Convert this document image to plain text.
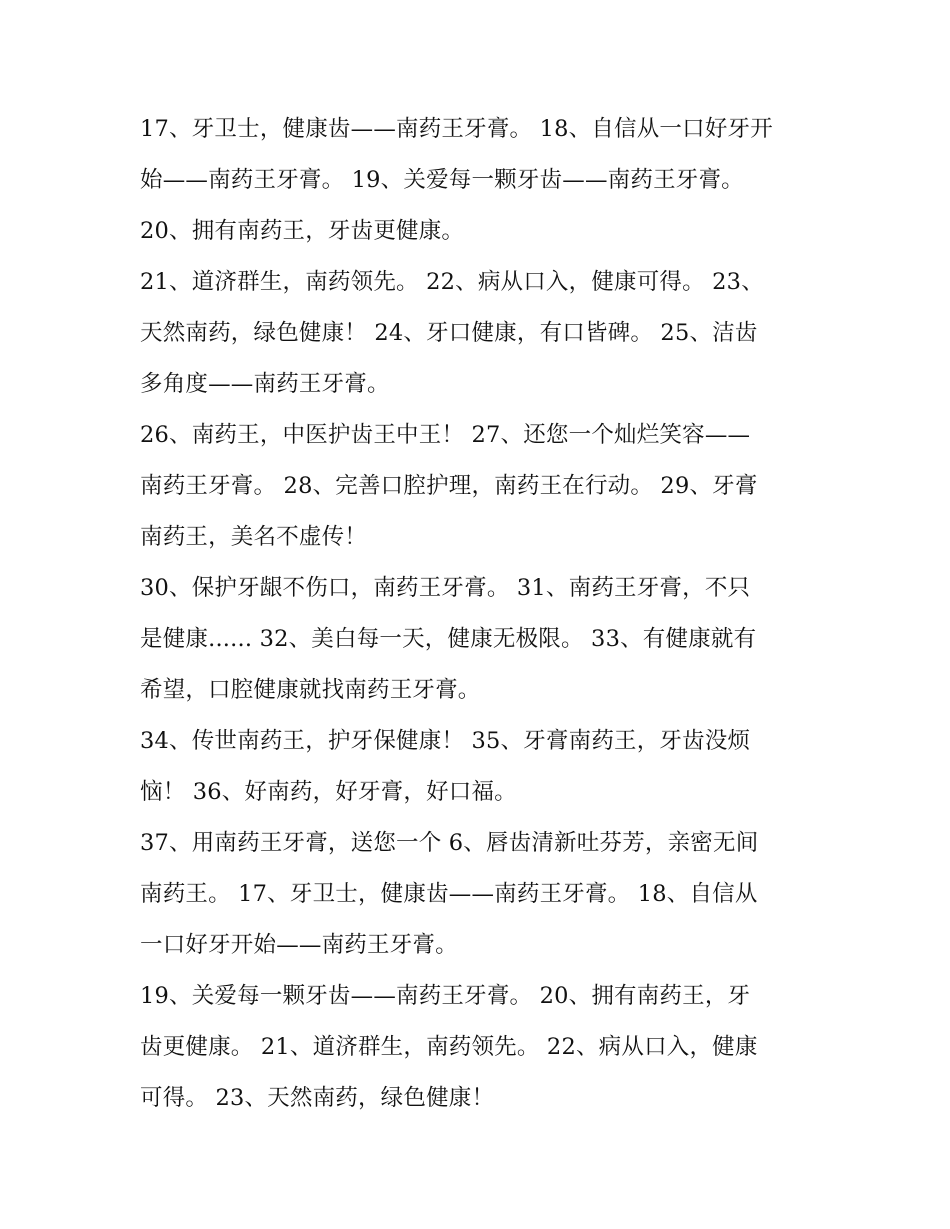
17、牙卫士，健康齿——南药王牙膏。 18、自信从一口好牙开
始——南药王牙膏。 19、关爱每一颗牙齿——南药王牙膏。
20、拥有南药王，牙齿更健康。
21、道济群生，南药领先。 22、病从口入，健康可得。 23、
天然南药，绿色健康！ 24、牙口健康，有口皆碑。 25、洁齿
多角度——南药王牙膏。
26、南药王，中医护齿王中王！ 27、还您一个灿烂笑容——
南药王牙膏。 28、完善口腔护理，南药王在行动。 29、牙膏
南药王，美名不虚传！
30、保护牙龈不伤口，南药王牙膏。 31、南药王牙膏，不只
是健康...... 32、美白每一天，健康无极限。 33、有健康就有
希望，口腔健康就找南药王牙膏。
34、传世南药王，护牙保健康！ 35、牙膏南药王，牙齿没烦
恼！ 36、好南药，好牙膏，好口福。
37、用南药王牙膏，送您一个 6、唇齿清新吐芬芳，亲密无间
南药王。 17、牙卫士，健康齿——南药王牙膏。 18、自信从
一口好牙开始——南药王牙膏。
19、关爱每一颗牙齿——南药王牙膏。 20、拥有南药王，牙
齿更健康。 21、道济群生，南药领先。 22、病从口入，健康
可得。 23、天然南药，绿色健康！
